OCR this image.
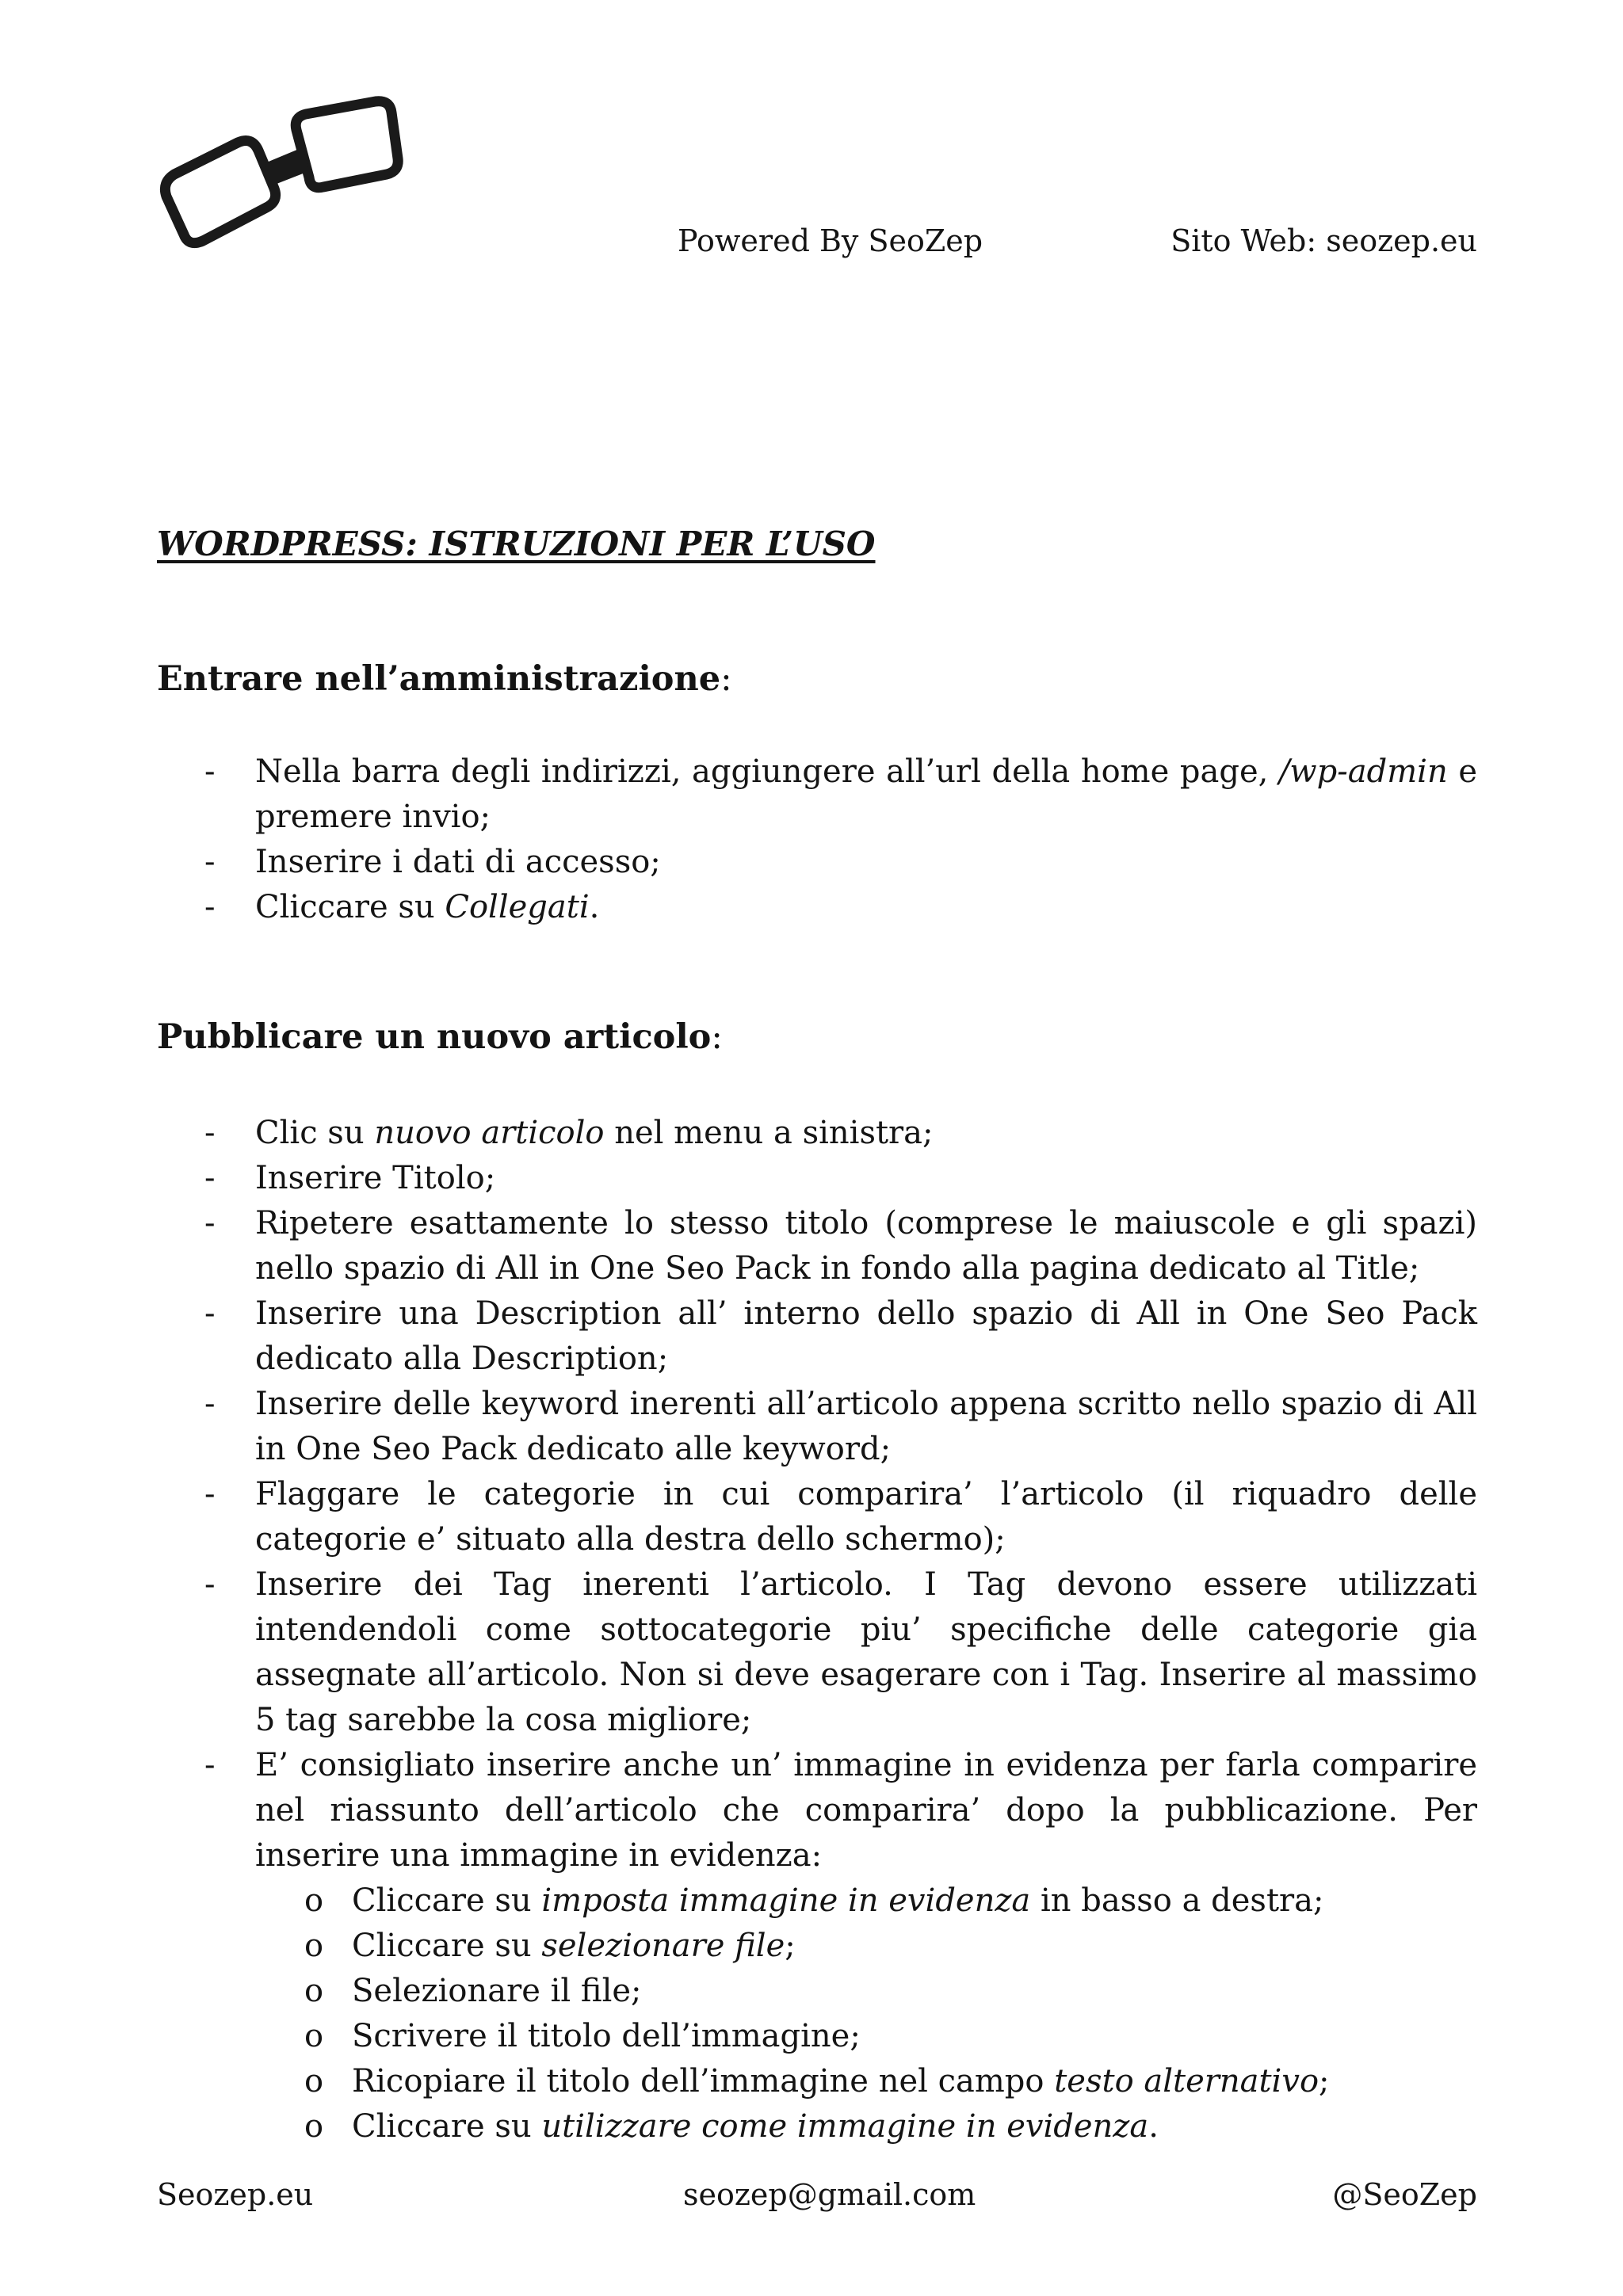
Powered By SeoZep	Sito Web: seozep.eu
WORDPRESS: ISTRUZIONI PER L’USO
Entrare nell’amministrazione:
- Nella barra degli indirizzi, aggiungere all’url della home page, /wp-admin e premere invio;
- Inserire i dati di accesso;
- Cliccare su Collegati.
Pubblicare un nuovo articolo:
- Clic su nuovo articolo nel menu a sinistra;
- Inserire Titolo;
- Ripetere esattamente lo stesso titolo (comprese le maiuscole e gli spazi) nello spazio di All in One Seo Pack in fondo alla pagina dedicato al Title;
- Inserire una Description all’ interno dello spazio di All in One Seo Pack dedicato alla Description;
- Inserire delle keyword inerenti all’articolo appena scritto nello spazio di All in One Seo Pack dedicato alle keyword;
- Flaggare le categorie in cui comparira’ l’articolo (il riquadro delle categorie e’ situato alla destra dello schermo);
- Inserire dei Tag inerenti l’articolo. I Tag devono essere utilizzati intendendoli come sottocategorie piu’ specifiche delle categorie gia assegnate all’articolo. Non si deve esagerare con i Tag. Inserire al massimo 5 tag sarebbe la cosa migliore;
- E’ consigliato inserire anche un’ immagine in evidenza per farla comparire nel riassunto dell’articolo che comparira’ dopo la pubblicazione. Per inserire una immagine in evidenza:
o Cliccare su imposta immagine in evidenza in basso a destra;
o Cliccare su selezionare file;
o Selezionare il file;
o Scrivere il titolo dell’immagine;
o Ricopiare il titolo dell’immagine nel campo testo alternativo;
o Cliccare su utilizzare come immagine in evidenza.
Seozep.eu	seozep@gmail.com	@SeoZep
